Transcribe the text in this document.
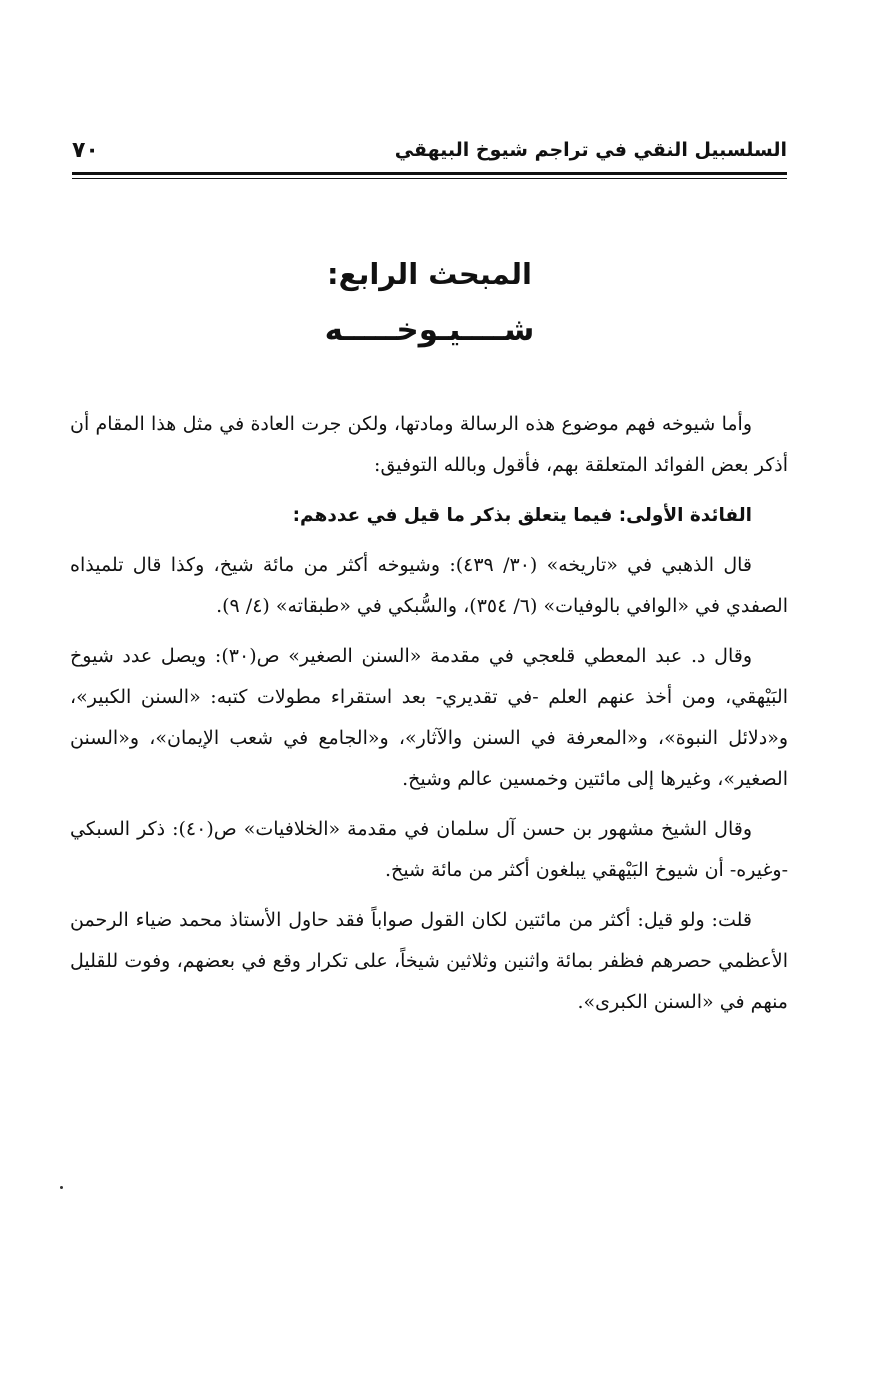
٧٠	السلسبيل النقي في تراجم شيوخ البيهقي
المبحث الرابع:
شــــيـوخـــــه

وأما شيوخه فهم موضوع هذه الرسالة ومادتها، ولكن جرت العادة في مثل هذا المقام أن أذكر بعض الفوائد المتعلقة بهم، فأقول وبالله التوفيق:

الفائدة الأولى: فيما يتعلق بذكر ما قيل في عددهم:

قال الذهبي في «تاريخه» (٣٠/ ٤٣٩): وشيوخه أكثر من مائة شيخ، وكذا قال تلميذاه الصفدي في «الوافي بالوفيات» (٦/ ٣٥٤)، والسُّبكي في «طبقاته» (٤/ ٩).

وقال د. عبد المعطي قلعجي في مقدمة «السنن الصغير» ص(٣٠): ويصل عدد شيوخ البَيْهقي، ومن أخذ عنهم العلم -في تقديري- بعد استقراء مطولات كتبه: «السنن الكبير»، و«دلائل النبوة»، و«المعرفة في السنن والآثار»، و«الجامع في شعب الإيمان»، و«السنن الصغير»، وغيرها إلى مائتين وخمسين عالم وشيخ.

وقال الشيخ مشهور بن حسن آل سلمان في مقدمة «الخلافيات» ص(٤٠): ذكر السبكي -وغيره- أن شيوخ البَيْهقي يبلغون أكثر من مائة شيخ.

قلت: ولو قيل: أكثر من مائتين لكان القول صواباً فقد حاول الأستاذ محمد ضياء الرحمن الأعظمي حصرهم فظفر بمائة واثنين وثلاثين شيخاً، على تكرار وقع في بعضهم، وفوت للقليل منهم في «السنن الكبرى».
